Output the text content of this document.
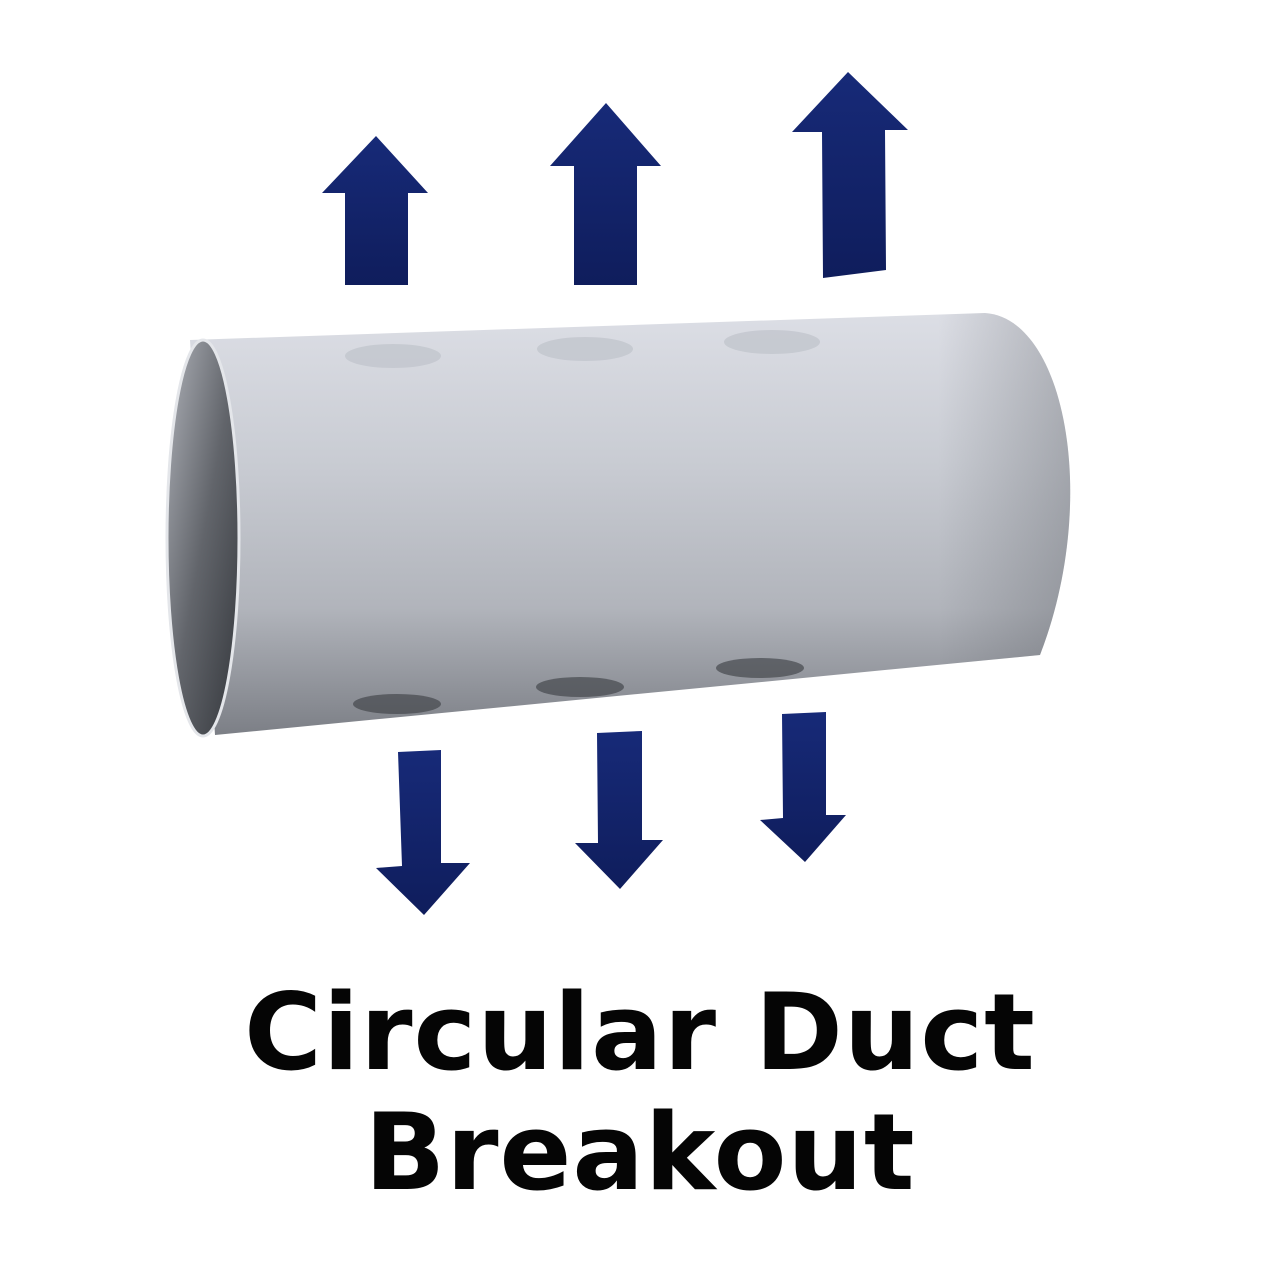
Circular Duct
Breakout
